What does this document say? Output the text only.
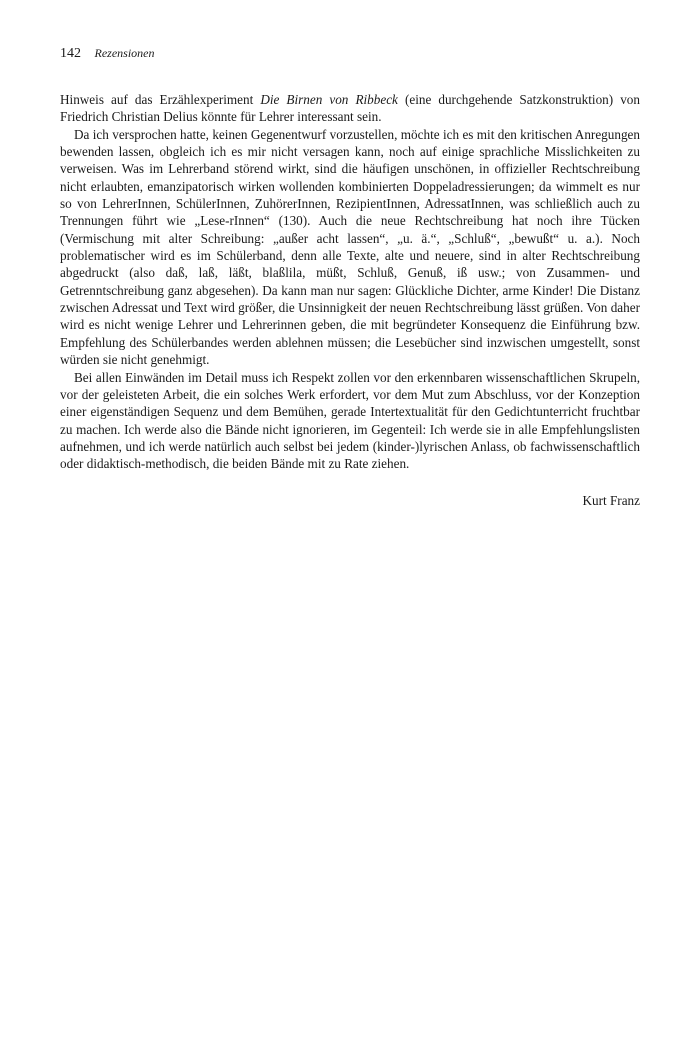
142 Rezensionen

Hinweis auf das Erzählexperiment Die Birnen von Ribbeck (eine durchgehende Satzkonstruktion) von Friedrich Christian Delius könnte für Lehrer interessant sein.

Da ich versprochen hatte, keinen Gegenentwurf vorzustellen, möchte ich es mit den kritischen Anregungen bewenden lassen, obgleich ich es mir nicht versagen kann, noch auf einige sprachliche Misslichkeiten zu verweisen. Was im Lehrerband störend wirkt, sind die häufigen unschönen, in offizieller Rechtschreibung nicht erlaubten, emanzipatorisch wirken wollenden kombinierten Doppeladressierungen; da wimmelt es nur so von LehrerInnen, SchülerInnen, ZuhörerInnen, RezipientInnen, AdressatInnen, was schließlich auch zu Trennungen führt wie „Lese-rInnen“ (130). Auch die neue Rechtschreibung hat noch ihre Tücken (Vermischung mit alter Schreibung: „außer acht lassen“, „u. ä.“, „Schluß“, „bewußt“ u. a.). Noch problematischer wird es im Schülerband, denn alle Texte, alte und neuere, sind in alter Rechtschreibung abgedruckt (also daß, laß, läßt, blaßlila, müßt, Schluß, Genuß, iß usw.; von Zusammen- und Getrenntschreibung ganz abgesehen). Da kann man nur sagen: Glückliche Dichter, arme Kinder! Die Distanz zwischen Adressat und Text wird größer, die Unsinnigkeit der neuen Rechtschreibung lässt grüßen. Von daher wird es nicht wenige Lehrer und Lehrerinnen geben, die mit begründeter Konsequenz die Einführung bzw. Empfehlung des Schülerbandes werden ablehnen müssen; die Lesebücher sind inzwischen umgestellt, sonst würden sie nicht genehmigt.

Bei allen Einwänden im Detail muss ich Respekt zollen vor den erkennbaren wissenschaftlichen Skrupeln, vor der geleisteten Arbeit, die ein solches Werk erfordert, vor dem Mut zum Abschluss, vor der Konzeption einer eigenständigen Sequenz und dem Bemühen, gerade Intertextualität für den Gedichtunterricht fruchtbar zu machen. Ich werde also die Bände nicht ignorieren, im Gegenteil: Ich werde sie in alle Empfehlungslisten aufnehmen, und ich werde natürlich auch selbst bei jedem (kinder-)lyrischen Anlass, ob fachwissenschaftlich oder didaktisch-methodisch, die beiden Bände mit zu Rate ziehen.

Kurt Franz
